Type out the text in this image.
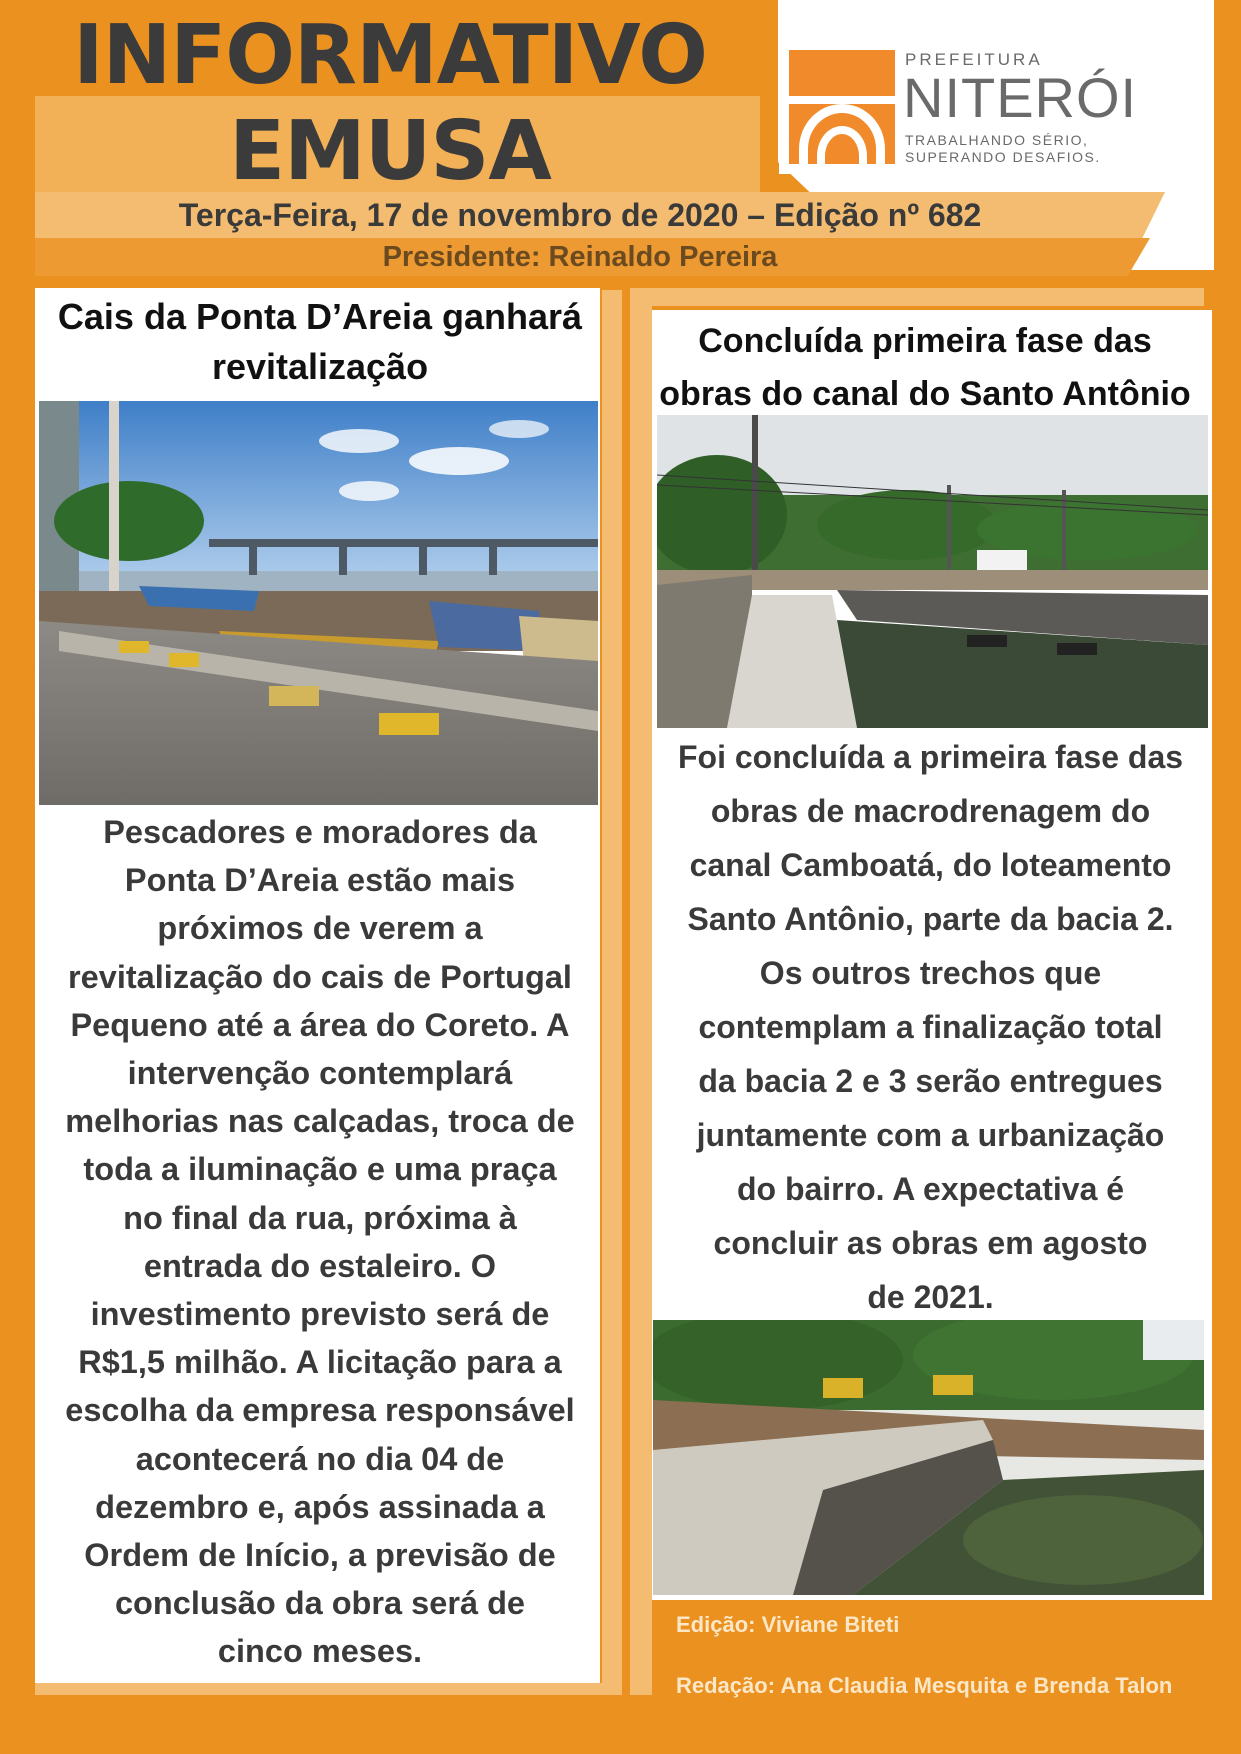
INFORMATIVO
EMUSA
PREFEITURA
NITERÓI
TRABALHANDO SÉRIO,
SUPERANDO DESAFIOS.
Terça-Feira, 17 de novembro de 2020 – Edição nº 682
Presidente: Reinaldo Pereira
Cais da Ponta D’Areia ganhará
revitalização
Pescadores e moradores da
Ponta D’Areia estão mais
próximos de verem a
revitalização do cais de Portugal
Pequeno até a área do Coreto. A
intervenção contemplará
melhorias nas calçadas, troca de
toda a iluminação e uma praça
no final da rua, próxima à
entrada do estaleiro. O
investimento previsto será de
R$1,5 milhão. A licitação para a
escolha da empresa responsável
acontecerá no dia 04 de
dezembro e, após assinada a
Ordem de Início, a previsão de
conclusão da obra será de
cinco meses.
Concluída primeira fase das
obras do canal do Santo Antônio
Foi concluída a primeira fase das
obras de macrodrenagem do
canal Camboatá, do loteamento
Santo Antônio, parte da bacia 2.
Os outros trechos que
contemplam a finalização total
da bacia 2 e 3 serão entregues
juntamente com a urbanização
do bairro. A expectativa é
concluir as obras em agosto
de 2021.
Edição: Viviane Biteti
Redação: Ana Claudia Mesquita e Brenda Talon
